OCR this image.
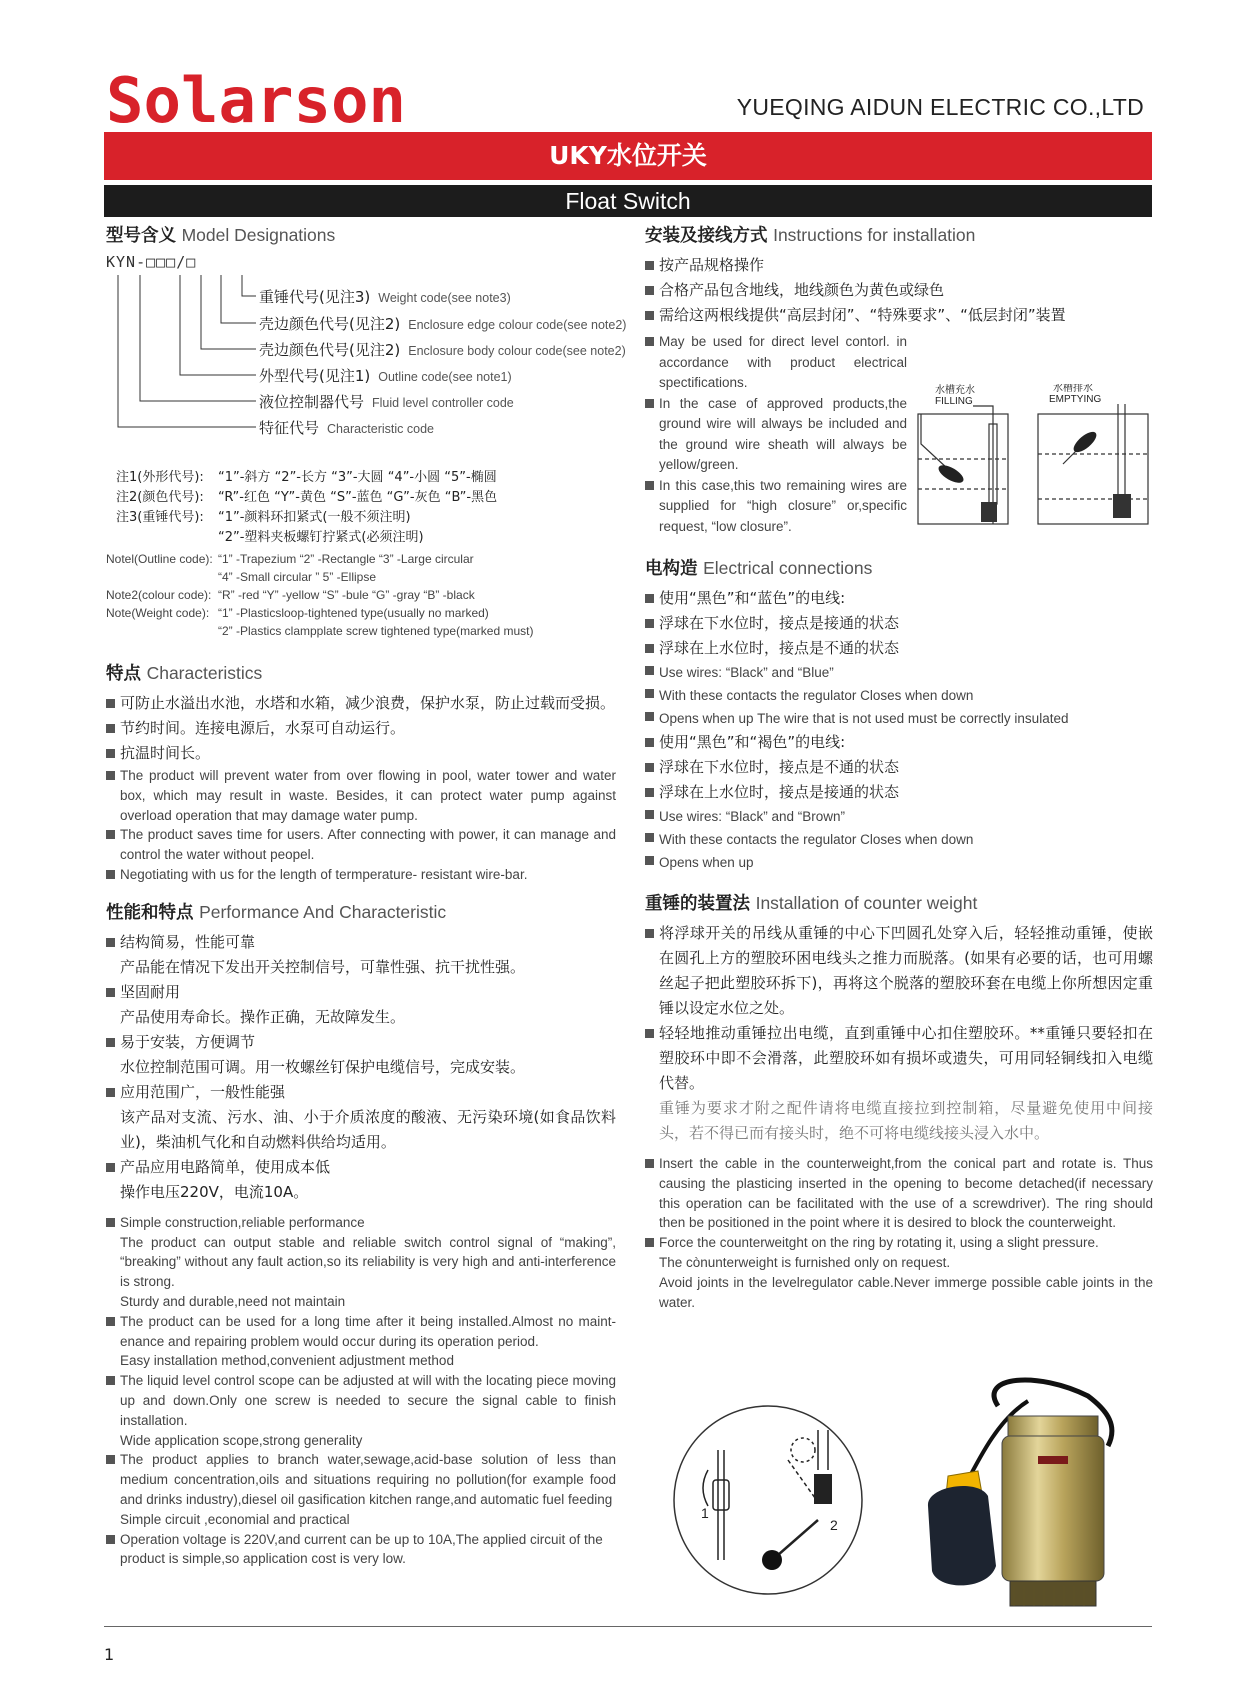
Solarson	YUEQING AIDUN ELECTRIC CO.,LTD
UKY水位开关
Float Switch
型号含义 Model Designations
KYN-□□□/□
重锤代号(见注3) Weight code(see note3)
壳边颜色代号(见注2) Enclosure edge colour code(see note2)
壳边颜色代号(见注2) Enclosure body colour code(see note2)
外型代号(见注1) Outline code(see note1)
液位控制器代号 Fluid level controller code
特征代号 Characteristic code
注1(外形代号):	“1”-斜方 “2”-长方 “3”-大圆 “4”-小圆 “5”-椭圆
注2(颜色代号):	“R”-红色 “Y”-黄色 “S”-蓝色 “G”-灰色 “B”-黑色
注3(重锤代号):	“1”-颜料环扣紧式(一般不须注明)
“2”-塑料夹板螺钉拧紧式(必须注明)
Notel(Outline code): “1” -Trapezium “2” -Rectangle “3” -Large circular
“4” -Small circular ” 5” -Ellipse
Note2(colour code): “R” -red “Y” -yellow “S” -bule “G” -gray “B” -black
Note(Weight code): “1” -Plasticsloop-tightened type(usually no marked)
“2” -Plastics clampplate screw tightened type(marked must)
特点 Characteristics
可防止水溢出水池，水塔和水箱，减少浪费，保护水泵，防止过载而受损。
节约时间。连接电源后，水泵可自动运行。
抗温时间长。
The product will prevent water from over flowing in pool, water tower and water box, which may result in waste. Besides, it can protect water pump against overload operation that may damage water pump.
The product saves time for users. After connecting with power, it can manage and control the water without peopel.
Negotiating with us for the length of termperature- resistant wire-bar.
性能和特点 Performance And Characteristic
结构简易，性能可靠
产品能在情况下发出开关控制信号，可靠性强、抗干扰性强。
坚固耐用
产品使用寿命长。操作正确，无故障发生。
易于安装，方便调节
水位控制范围可调。用一枚螺丝钉保护电缆信号，完成安装。
应用范围广，一般性能强
该产品对支流、污水、油、小于介质浓度的酸液、无污染环境(如食品饮料业)，柴油机气化和自动燃料供给均适用。
产品应用电路简单，使用成本低
操作电压220V，电流10A。
Simple construction,reliable performance
The product can output stable and reliable switch control signal of “making”, “breaking” without any fault action,so its reliability is very high and anti-interference is strong.
Sturdy and durable,need not maintain
The product can be used for a long time after it being installed.Almost no maint-enance and repairing problem would occur during its operation period.
Easy installation method,convenient adjustment method
The liquid level control scope can be adjusted at will with the locating piece moving up and down.Only one screw is needed to secure the signal cable to finish installation.
Wide application scope,strong generality
The product applies to branch water,sewage,acid-base solution of less than medium concentration,oils and situations requiring no pollution(for example food and drinks industry),diesel oil gasification kitchen range,and automatic fuel feeding
Simple circuit ,economial and practical
Operation voltage is 220V,and current can be up to 10A,The applied circuit of the
product is simple,so application cost is very low.
安装及接线方式 Instructions for installation
按产品规格操作
合格产品包含地线，地线颜色为黄色或绿色
需给这两根线提供“高层封闭”、“特殊要求”、“低层封闭”装置
May be used for direct level contorl. in accordance with product electrical spectifications.
In the case of approved products,the ground wire will always be included and the ground wire sheath will always be yellow/green.
In this case,this two remaining wires are supplied for “high closure” or,specific request, “low closure”.
水槽充水
FILLING
水槽排水
EMPTYING
电构造 Electrical connections
使用“黑色”和“蓝色”的电线:
浮球在下水位时，接点是接通的状态
浮球在上水位时，接点是不通的状态
Use wires: “Black” and “Blue”
With these contacts the regulator Closes when down
Opens when up The wire that is not used must be correctly insulated
使用“黑色”和“褐色”的电线:
浮球在下水位时，接点是不通的状态
浮球在上水位时，接点是接通的状态
Use wires: “Black” and “Brown”
With these contacts the regulator Closes when down
Opens when up
重锤的装置法 Installation of counter weight
将浮球开关的吊线从重锤的中心下凹圆孔处穿入后，轻轻推动重锤，使嵌在圆孔上方的塑胶环困电线头之推力而脱落。(如果有必要的话，也可用螺丝起子把此塑胶环拆下)，再将这个脱落的塑胶环套在电缆上你所想因定重锤以设定水位之处。
轻轻地推动重锤拉出电缆，直到重锤中心扣住塑胶环。**重锤只要轻扣在塑胶环中即不会滑落，此塑胶环如有损坏或遗失，可用同轻铜线扣入电缆代替。
重锤为要求才附之配件请将电缆直接拉到控制箱，尽量避免使用中间接头，若不得已而有接头时，绝不可将电缆线接头浸入水中。
Insert the cable in the counterweight,from the conical part and rotate is. Thus causing the plasticing inserted in the opening to become detached(if necessary this operation can be facilitated with the use of a screwdriver). The ring should then be positioned in the point where it is desired to block the counterweight.
Force the counterweitght on the ring by rotating it, using a slight pressure.
The cònunterweight is furnished only on request.
Avoid joints in the levelregulator cable.Never immerge possible cable joints in the water.
1
2
1
